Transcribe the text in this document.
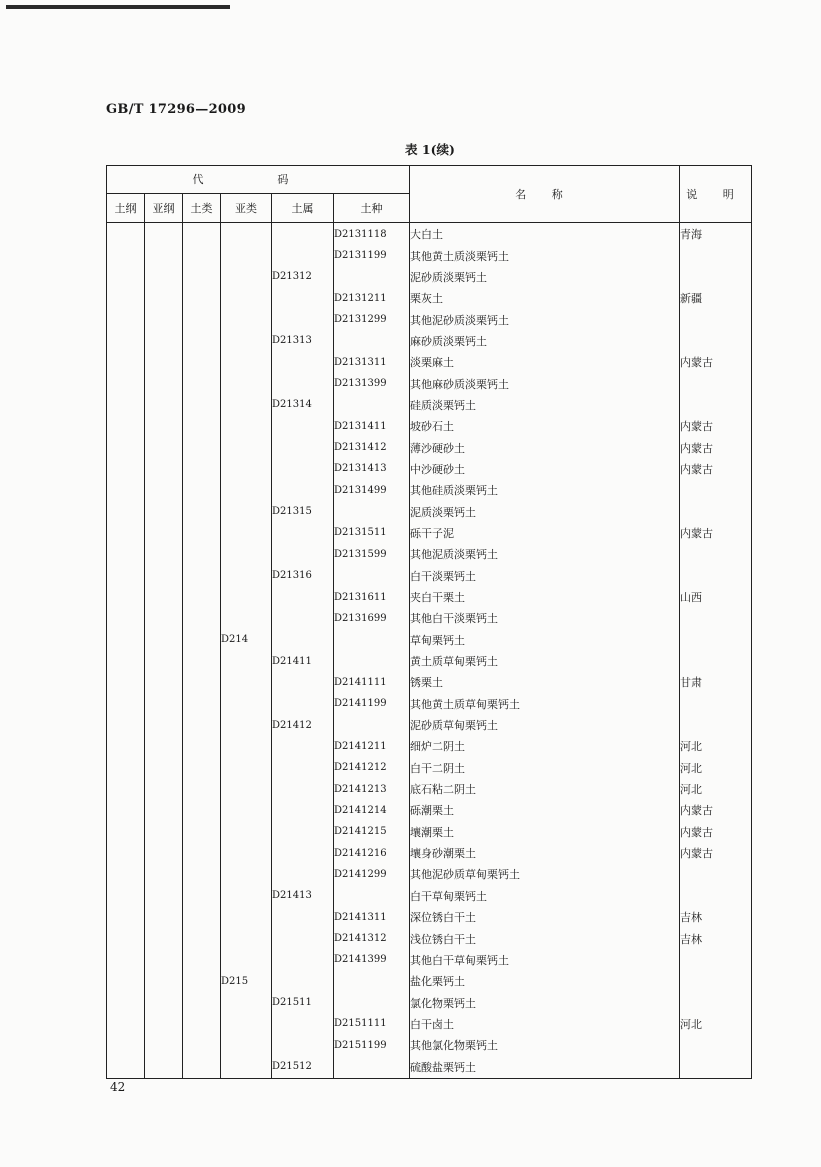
GB/T 17296—2009
表 1(续)
代 码						名 称	说 明
土纲	亚纲	土类	亚类	土属	土种		
					D2131118	大白土	青海
					D2131199	其他黄土质淡栗钙土	
				D21312		泥砂质淡栗钙土	
					D2131211	栗灰土	新疆
					D2131299	其他泥砂质淡栗钙土	
				D21313		麻砂质淡栗钙土	
					D2131311	淡栗麻土	内蒙古
					D2131399	其他麻砂质淡栗钙土	
				D21314		硅质淡栗钙土	
					D2131411	坡砂石土	内蒙古
					D2131412	薄沙硬砂土	内蒙古
					D2131413	中沙硬砂土	内蒙古
					D2131499	其他硅质淡栗钙土	
				D21315		泥质淡栗钙土	
					D2131511	砾干子泥	内蒙古
					D2131599	其他泥质淡栗钙土	
				D21316		白干淡栗钙土	
					D2131611	夹白干栗土	山西
					D2131699	其他白干淡栗钙土	
			D214			草甸栗钙土	
				D21411		黄土质草甸栗钙土	
					D2141111	锈栗土	甘肃
					D2141199	其他黄土质草甸栗钙土	
				D21412		泥砂质草甸栗钙土	
					D2141211	细炉二阴土	河北
					D2141212	白干二阴土	河北
					D2141213	底石粘二阴土	河北
					D2141214	砾潮栗土	内蒙古
					D2141215	壤潮栗土	内蒙古
					D2141216	壤身砂潮栗土	内蒙古
					D2141299	其他泥砂质草甸栗钙土	
				D21413		白干草甸栗钙土	
					D2141311	深位锈白干土	吉林
					D2141312	浅位锈白干土	吉林
					D2141399	其他白干草甸栗钙土	
			D215			盐化栗钙土	
				D21511		氯化物栗钙土	
					D2151111	白干卤土	河北
					D2151199	其他氯化物栗钙土	
				D21512		硫酸盐栗钙土	
42
